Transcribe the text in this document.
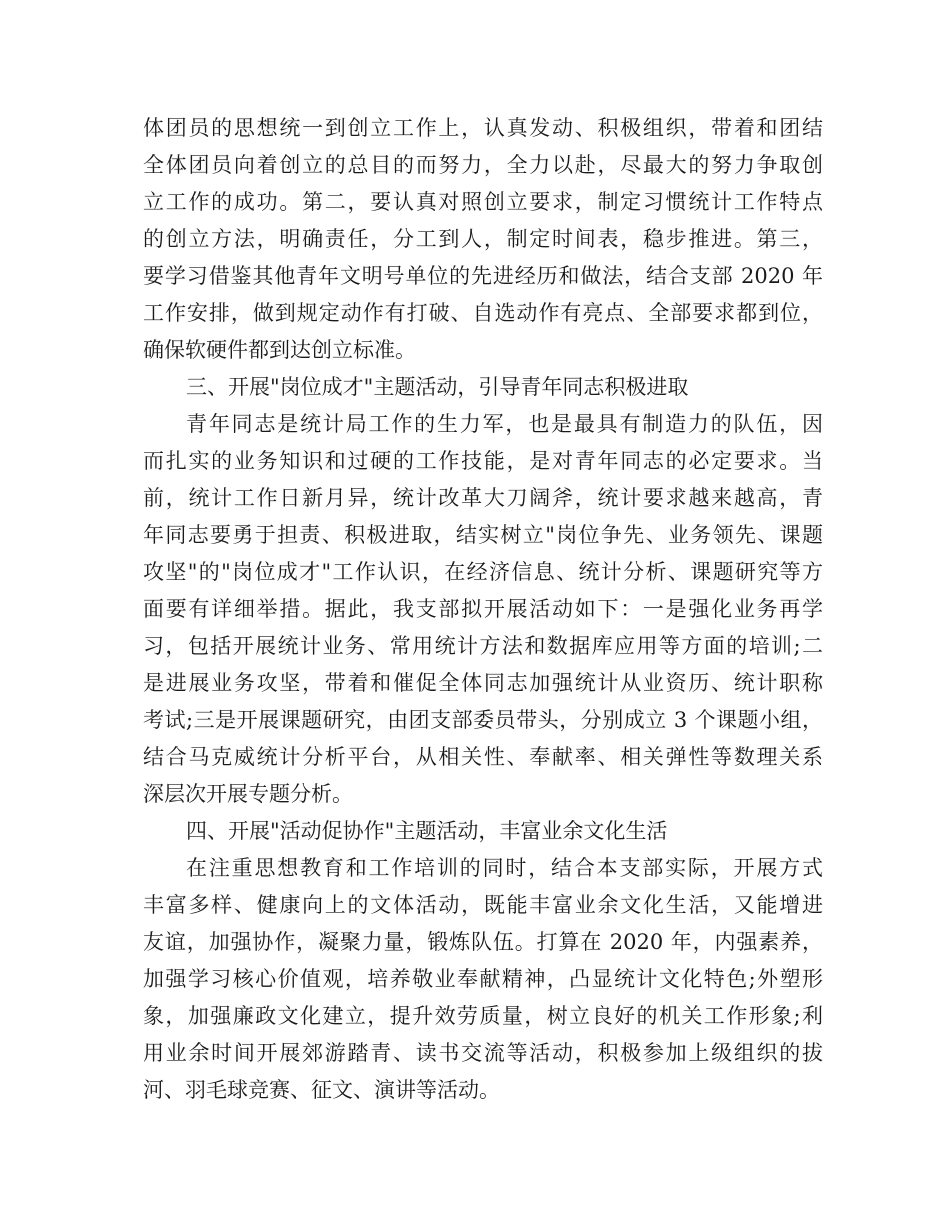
体团员的思想统一到创立工作上，认真发动、积极组织，带着和团结
全体团员向着创立的总目的而努力，全力以赴，尽最大的努力争取创
立工作的成功。第二，要认真对照创立要求，制定习惯统计工作特点
的创立方法，明确责任，分工到人，制定时间表，稳步推进。第三，
要学习借鉴其他青年文明号单位的先进经历和做法，结合支部 2020 年
工作安排，做到规定动作有打破、自选动作有亮点、全部要求都到位，
确保软硬件都到达创立标准。
三、开展"岗位成才"主题活动，引导青年同志积极进取
青年同志是统计局工作的生力军，也是最具有制造力的队伍，因
而扎实的业务知识和过硬的工作技能，是对青年同志的必定要求。当
前，统计工作日新月异，统计改革大刀阔斧，统计要求越来越高，青
年同志要勇于担责、积极进取，结实树立"岗位争先、业务领先、课题
攻坚"的"岗位成才"工作认识，在经济信息、统计分析、课题研究等方
面要有详细举措。据此，我支部拟开展活动如下：一是强化业务再学
习，包括开展统计业务、常用统计方法和数据库应用等方面的培训;二
是进展业务攻坚，带着和催促全体同志加强统计从业资历、统计职称
考试;三是开展课题研究，由团支部委员带头，分别成立 3 个课题小组，
结合马克威统计分析平台，从相关性、奉献率、相关弹性等数理关系
深层次开展专题分析。
四、开展"活动促协作"主题活动，丰富业余文化生活
在注重思想教育和工作培训的同时，结合本支部实际，开展方式
丰富多样、健康向上的文体活动，既能丰富业余文化生活，又能增进
友谊，加强协作，凝聚力量，锻炼队伍。打算在 2020 年，内强素养，
加强学习核心价值观，培养敬业奉献精神，凸显统计文化特色;外塑形
象，加强廉政文化建立，提升效劳质量，树立良好的机关工作形象;利
用业余时间开展郊游踏青、读书交流等活动，积极参加上级组织的拔
河、羽毛球竞赛、征文、演讲等活动。
